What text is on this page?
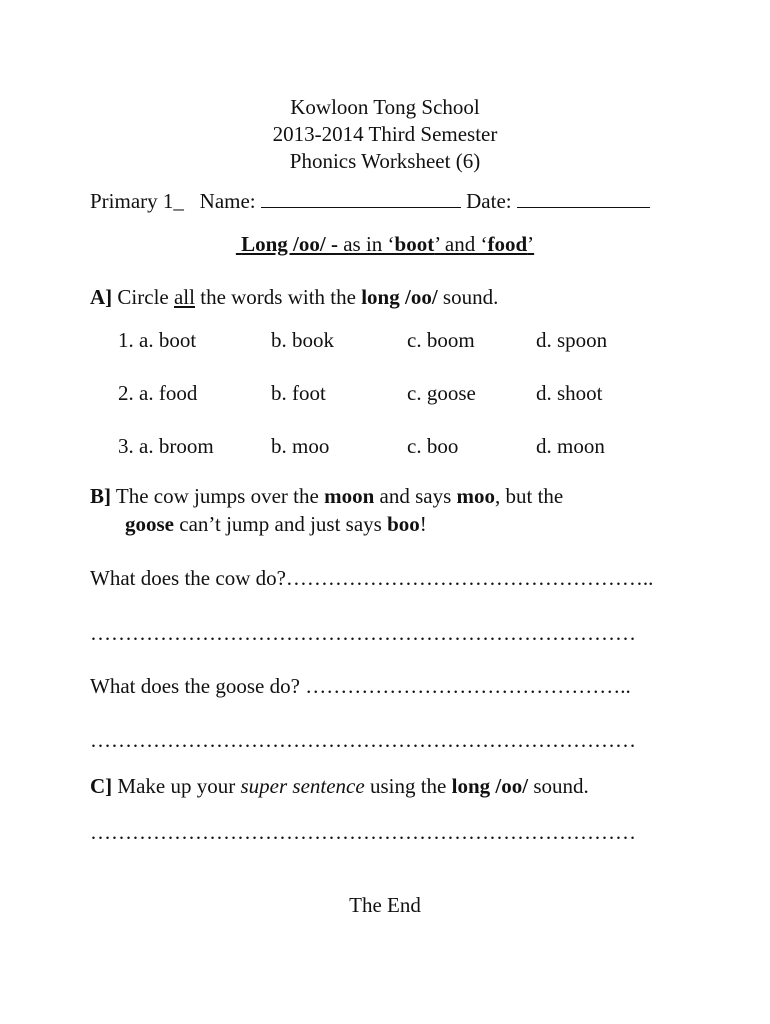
Kowloon Tong School
2013-2014 Third Semester
Phonics Worksheet (6)
Primary 1_ Name:	Date:
Long /oo/ - as in ‘boot’ and ‘food’
A] Circle all the words with the long /oo/ sound.
1. a. boot	b. book	c. boom	d. spoon
2. a. food	b. foot	c. goose	d. shoot
3. a. broom	b. moo	c. boo	d. moon
B] The cow jumps over the moon and says moo, but the
goose can’t jump and just says boo!
What does the cow do?……………………………………………..
……………………………………………………………………
What does the goose do? ………………………………………..
……………………………………………………………………
C] Make up your super sentence using the long /oo/ sound.
……………………………………………………………………
The End
